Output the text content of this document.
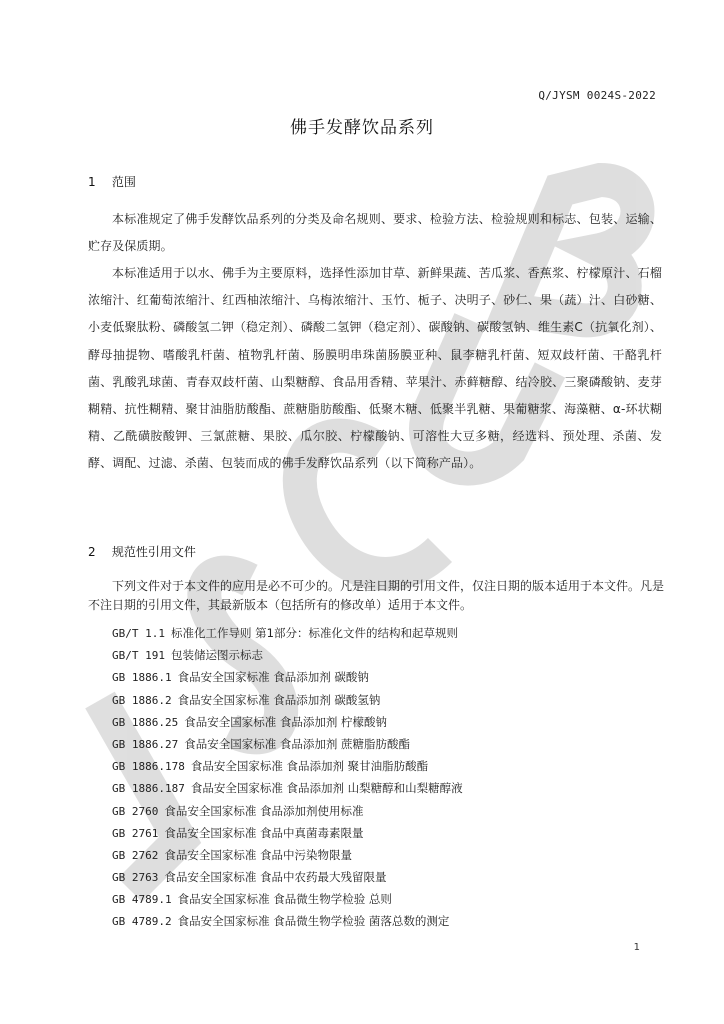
Q/JYSM 0024S-2022
佛手发酵饮品系列
1 范围
本标准规定了佛手发酵饮品系列的分类及命名规则、要求、检验方法、检验规则和标志、包装、运输、贮存及保质期。
本标准适用于以水、佛手为主要原料，选择性添加甘草、新鲜果蔬、苦瓜浆、香蕉浆、柠檬原汁、石榴浓缩汁、红葡萄浓缩汁、红西柚浓缩汁、乌梅浓缩汁、玉竹、栀子、决明子、砂仁、果（蔬）汁、白砂糖、小麦低聚肽粉、磷酸氢二钾（稳定剂）、磷酸二氢钾（稳定剂）、碳酸钠、碳酸氢钠、维生素C（抗氧化剂）、酵母抽提物、嗜酸乳杆菌、植物乳杆菌、肠膜明串珠菌肠膜亚种、鼠李糖乳杆菌、短双歧杆菌、干酪乳杆菌、乳酸乳球菌、青春双歧杆菌、山梨糖醇、食品用香精、苹果汁、赤藓糖醇、结冷胶、三聚磷酸钠、麦芽糊精、抗性糊精、聚甘油脂肪酸酯、蔗糖脂肪酸酯、低聚木糖、低聚半乳糖、果葡糖浆、海藻糖、α-环状糊精、乙酰磺胺酸钾、三氯蔗糖、果胶、瓜尔胶、柠檬酸钠、可溶性大豆多糖，经选料、预处理、杀菌、发酵、调配、过滤、杀菌、包装而成的佛手发酵饮品系列（以下简称产品）。
2 规范性引用文件
下列文件对于本文件的应用是必不可少的。凡是注日期的引用文件，仅注日期的版本适用于本文件。凡是不注日期的引用文件，其最新版本（包括所有的修改单）适用于本文件。
GB/T 1.1 标准化工作导则 第1部分：标准化文件的结构和起草规则
GB/T 191 包装储运图示标志
GB 1886.1 食品安全国家标准 食品添加剂 碳酸钠
GB 1886.2 食品安全国家标准 食品添加剂 碳酸氢钠
GB 1886.25 食品安全国家标准 食品添加剂 柠檬酸钠
GB 1886.27 食品安全国家标准 食品添加剂 蔗糖脂肪酸酯
GB 1886.178 食品安全国家标准 食品添加剂 聚甘油脂肪酸酯
GB 1886.187 食品安全国家标准 食品添加剂 山梨糖醇和山梨糖醇液
GB 2760 食品安全国家标准 食品添加剂使用标准
GB 2761 食品安全国家标准 食品中真菌毒素限量
GB 2762 食品安全国家标准 食品中污染物限量
GB 2763 食品安全国家标准 食品中农药最大残留限量
GB 4789.1 食品安全国家标准 食品微生物学检验 总则
GB 4789.2 食品安全国家标准 食品微生物学检验 菌落总数的测定
1
